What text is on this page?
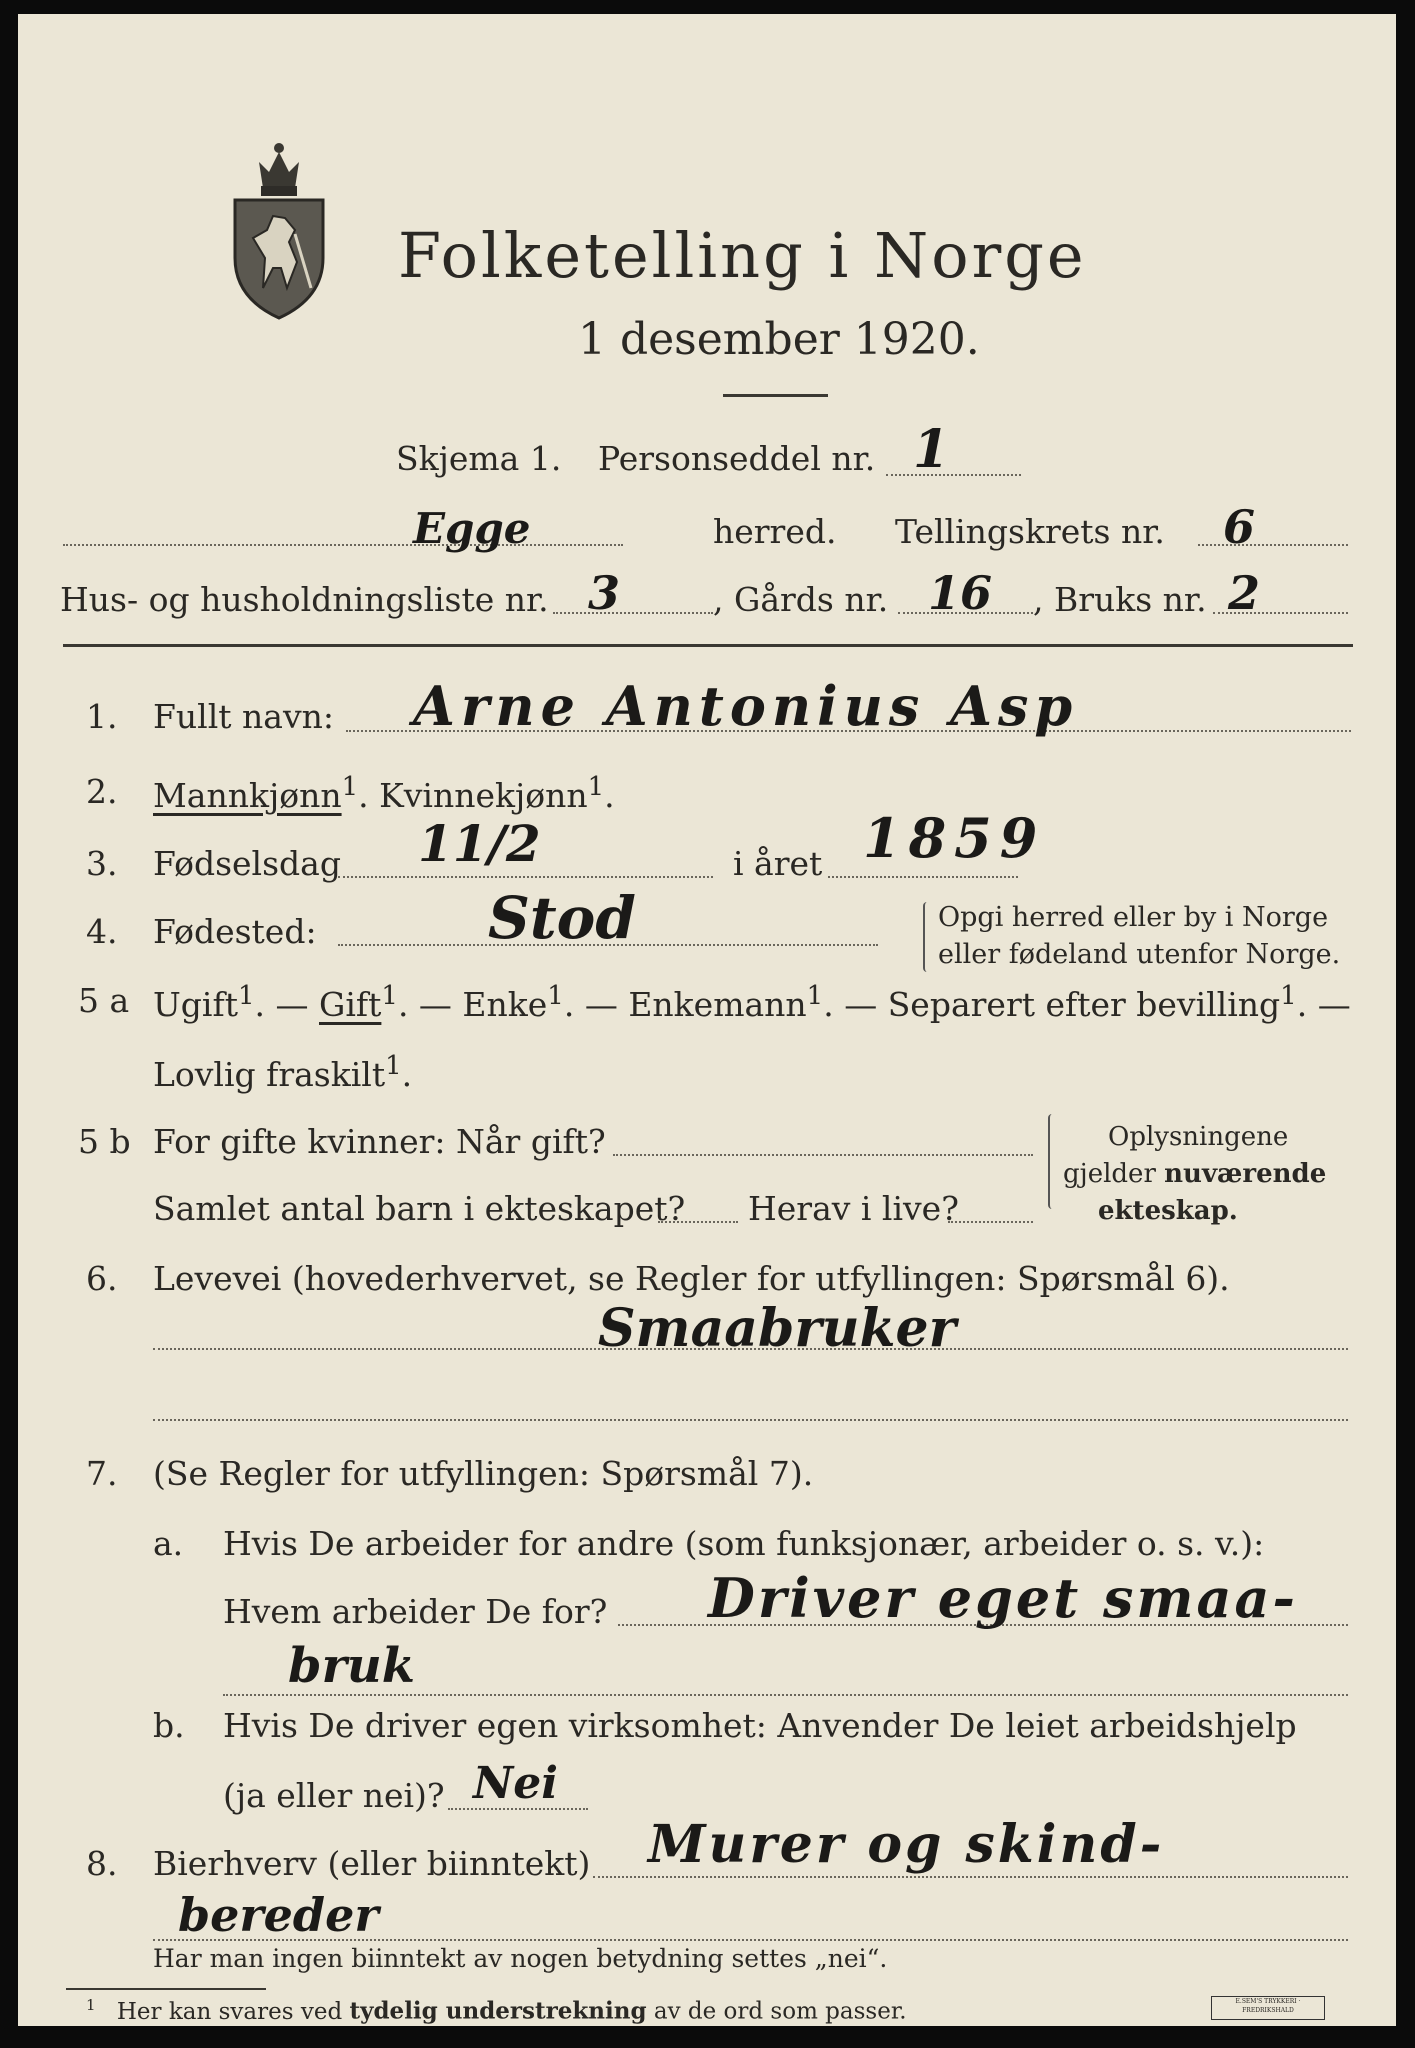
Folketelling i Norge
1 desember 1920.
Skjema 1. Personseddel nr. 1
Egge	herred. Tellingskrets nr. 6
Hus- og husholdningsliste nr. 3	, Gårds nr. 16 , Bruks nr. 2
1. Fullt navn: Arne Antonius Asp
2. Mannkjønn$^1$. Kvinnekjønn$^1$.
3. Fødselsdag 11/2	i året 1859
4. Fødested:	Stod	Opgi herred eller by i Norge
eller fødeland utenfor Norge.
5 a Ugift$^1$. — Gift$^1$. — Enke$^1$. — Enkemann$^1$. — Separert efter bevilling$^1$. —
Lovlig fraskilt$^1$.
5 b For gifte kvinner: Når gift?
Samlet antal barn i ekteskapet? Herav i live?
Oplysningene
gjelder nuværende
ekteskap.
6. Levevei (hovederhvervet, se Regler for utfyllingen: Spørsmål 6).
Smaabruker
7. (Se Regler for utfyllingen: Spørsmål 7).
a. Hvis De arbeider for andre (som funksjonær, arbeider o. s. v.):
Hvem arbeider De for? Driver eget smaa-
bruk
b. Hvis De driver egen virksomhet: Anvender De leiet arbeidshjelp
(ja eller nei)? Nei
8. Bierhverv (eller biinntekt) Murer og skind-
bereder
Har man ingen biinntekt av nogen betydning settes „nei“.
$^1$ Her kan svares ved tydelig understrekning av de ord som passer.	E.SEM'S TRYKKERI · FREDRIKSHALD
